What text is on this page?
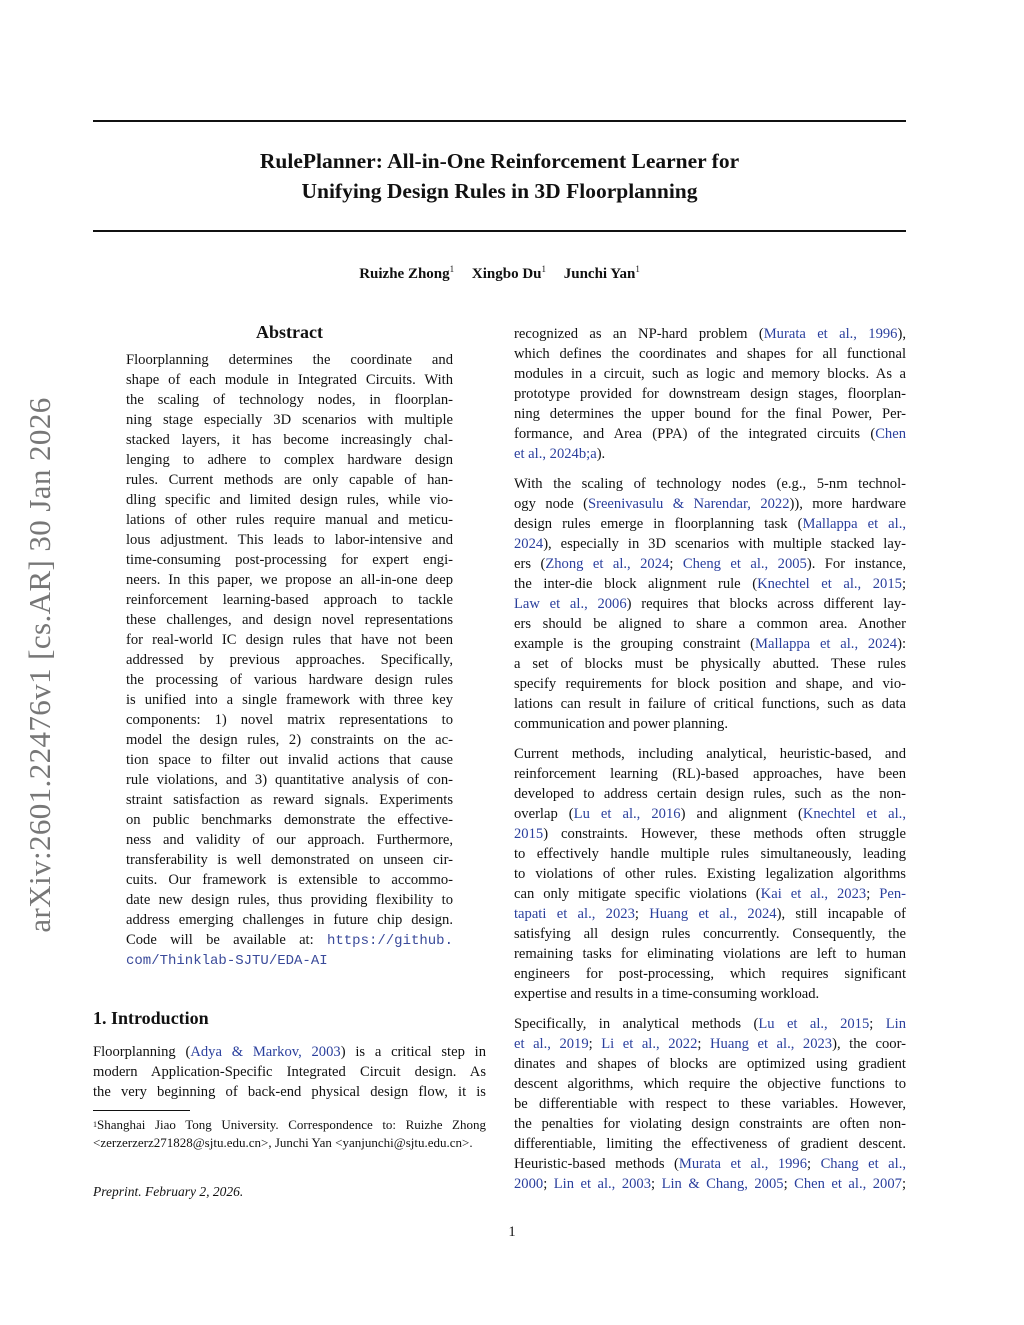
arXiv:2601.22476v1 [cs.AR] 30 Jan 2026
RulePlanner: All-in-One Reinforcement Learner for
Unifying Design Rules in 3D Floorplanning
Ruizhe Zhong$^1$ Xingbo Du$^1$ Junchi Yan$^1$
Abstract
Floorplanning determines the coordinate and
shape of each module in Integrated Circuits. With
the scaling of technology nodes, in floorplan-
ning stage especially 3D scenarios with multiple
stacked layers, it has become increasingly chal-
lenging to adhere to complex hardware design
rules. Current methods are only capable of han-
dling specific and limited design rules, while vio-
lations of other rules require manual and meticu-
lous adjustment. This leads to labor-intensive and
time-consuming post-processing for expert engi-
neers. In this paper, we propose an all-in-one deep
reinforcement learning-based approach to tackle
these challenges, and design novel representations
for real-world IC design rules that have not been
addressed by previous approaches. Specifically,
the processing of various hardware design rules
is unified into a single framework with three key
components: 1) novel matrix representations to
model the design rules, 2) constraints on the ac-
tion space to filter out invalid actions that cause
rule violations, and 3) quantitative analysis of con-
straint satisfaction as reward signals. Experiments
on public benchmarks demonstrate the effective-
ness and validity of our approach. Furthermore,
transferability is well demonstrated on unseen cir-
cuits. Our framework is extensible to accommo-
date new design rules, thus providing flexibility to
address emerging challenges in future chip design.
Code will be available at: https://github.
com/Thinklab-SJTU/EDA-AI
1. Introduction
Floorplanning (Adya & Markov, 2003) is a critical step in
modern Application-Specific Integrated Circuit design. As
the very beginning of back-end physical design flow, it is
$^1$Shanghai Jiao Tong University. Correspondence to: Ruizhe Zhong <zerzerzerz271828@sjtu.edu.cn>, Junchi Yan <yanjunchi@sjtu.edu.cn>.
Preprint. February 2, 2026.
recognized as an NP-hard problem (Murata et al., 1996),
which defines the coordinates and shapes for all functional
modules in a circuit, such as logic and memory blocks. As a
prototype provided for downstream design stages, floorplan-
ning determines the upper bound for the final Power, Per-
formance, and Area (PPA) of the integrated circuits (Chen
et al., 2024b;a).
With the scaling of technology nodes (e.g., 5-nm technol-
ogy node (Sreenivasulu & Narendar, 2022)), more hardware
design rules emerge in floorplanning task (Mallappa et al.,
2024), especially in 3D scenarios with multiple stacked lay-
ers (Zhong et al., 2024; Cheng et al., 2005). For instance,
the inter-die block alignment rule (Knechtel et al., 2015;
Law et al., 2006) requires that blocks across different lay-
ers should be aligned to share a common area. Another
example is the grouping constraint (Mallappa et al., 2024):
a set of blocks must be physically abutted. These rules
specify requirements for block position and shape, and vio-
lations can result in failure of critical functions, such as data
communication and power planning.
Current methods, including analytical, heuristic-based, and
reinforcement learning (RL)-based approaches, have been
developed to address certain design rules, such as the non-
overlap (Lu et al., 2016) and alignment (Knechtel et al.,
2015) constraints. However, these methods often struggle
to effectively handle multiple rules simultaneously, leading
to violations of other rules. Existing legalization algorithms
can only mitigate specific violations (Kai et al., 2023; Pen-
tapati et al., 2023; Huang et al., 2024), still incapable of
satisfying all design rules concurrently. Consequently, the
remaining tasks for eliminating violations are left to human
engineers for post-processing, which requires significant
expertise and results in a time-consuming workload.
Specifically, in analytical methods (Lu et al., 2015; Lin
et al., 2019; Li et al., 2022; Huang et al., 2023), the coor-
dinates and shapes of blocks are optimized using gradient
descent algorithms, which require the objective functions to
be differentiable with respect to these variables. However,
the penalties for violating design constraints are often non-
differentiable, limiting the effectiveness of gradient descent.
Heuristic-based methods (Murata et al., 1996; Chang et al.,
2000; Lin et al., 2003; Lin & Chang, 2005; Chen et al., 2007;
1
